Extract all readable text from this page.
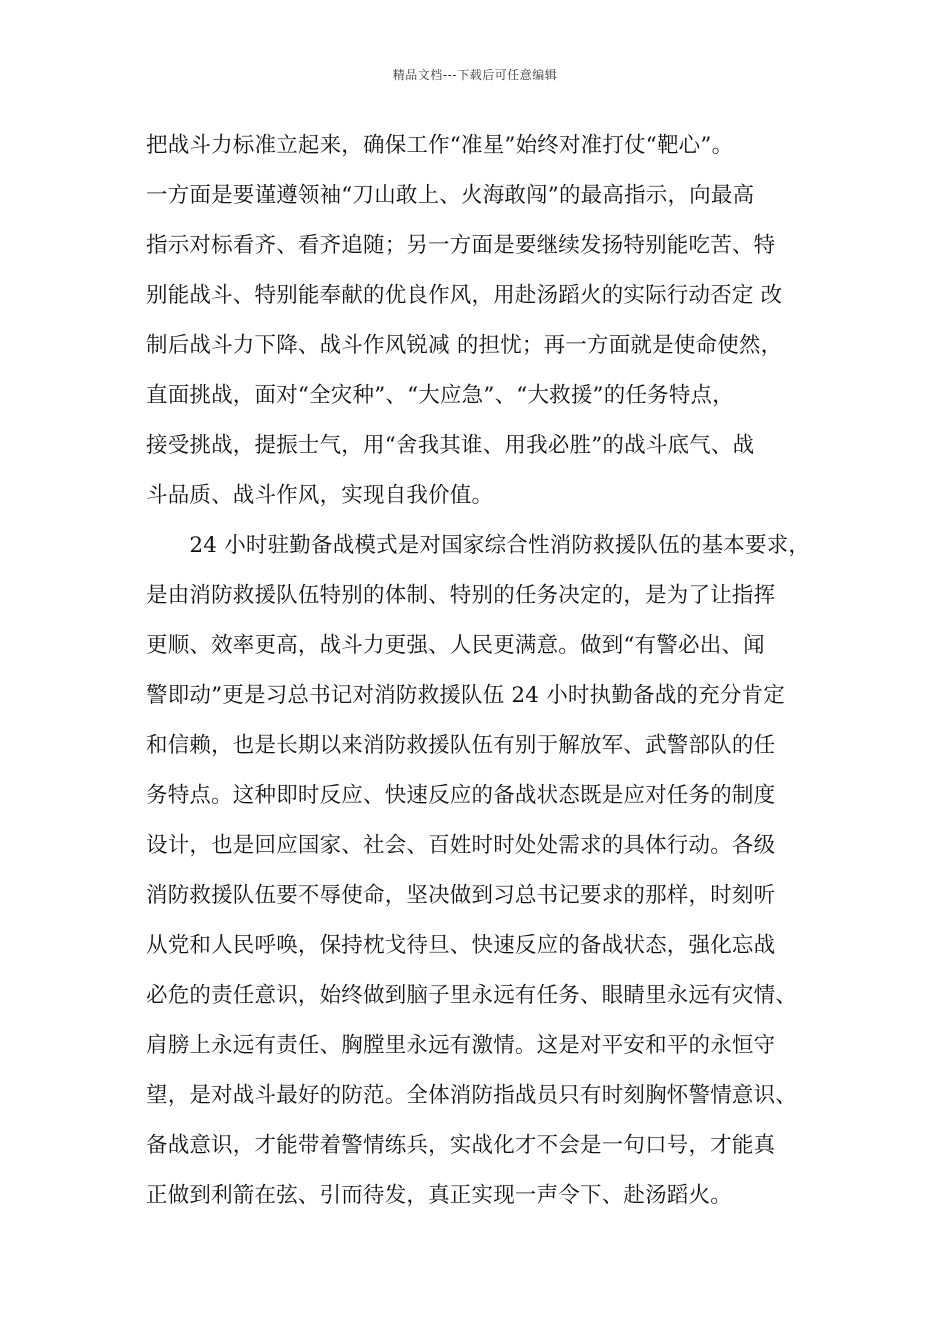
精品文档---下载后可任意编辑
把战斗力标准立起来，确保工作“准星”始终对准打仗“靶心”。
一方面是要谨遵领袖“刀山敢上、火海敢闯”的最高指示，向最高
指示对标看齐、看齐追随；另一方面是要继续发扬特别能吃苦、特
别能战斗、特别能奉献的优良作风，用赴汤蹈火的实际行动否定 改
制后战斗力下降、战斗作风锐减 的担忧；再一方面就是使命使然，
直面挑战，面对“全灾种”、“大应急”、“大救援”的任务特点，
接受挑战，提振士气，用“舍我其谁、用我必胜”的战斗底气、战
斗品质、战斗作风，实现自我价值。
　　24 小时驻勤备战模式是对国家综合性消防救援队伍的基本要求，
是由消防救援队伍特别的体制、特别的任务决定的，是为了让指挥
更顺、效率更高，战斗力更强、人民更满意。做到“有警必出、闻
警即动”更是习总书记对消防救援队伍 24 小时执勤备战的充分肯定
和信赖，也是长期以来消防救援队伍有别于解放军、武警部队的任
务特点。这种即时反应、快速反应的备战状态既是应对任务的制度
设计，也是回应国家、社会、百姓时时处处需求的具体行动。各级
消防救援队伍要不辱使命，坚决做到习总书记要求的那样，时刻听
从党和人民呼唤，保持枕戈待旦、快速反应的备战状态，强化忘战
必危的责任意识，始终做到脑子里永远有任务、眼睛里永远有灾情、
肩膀上永远有责任、胸膛里永远有激情。这是对平安和平的永恒守
望，是对战斗最好的防范。全体消防指战员只有时刻胸怀警情意识、
备战意识，才能带着警情练兵，实战化才不会是一句口号，才能真
正做到利箭在弦、引而待发，真正实现一声令下、赴汤蹈火。
